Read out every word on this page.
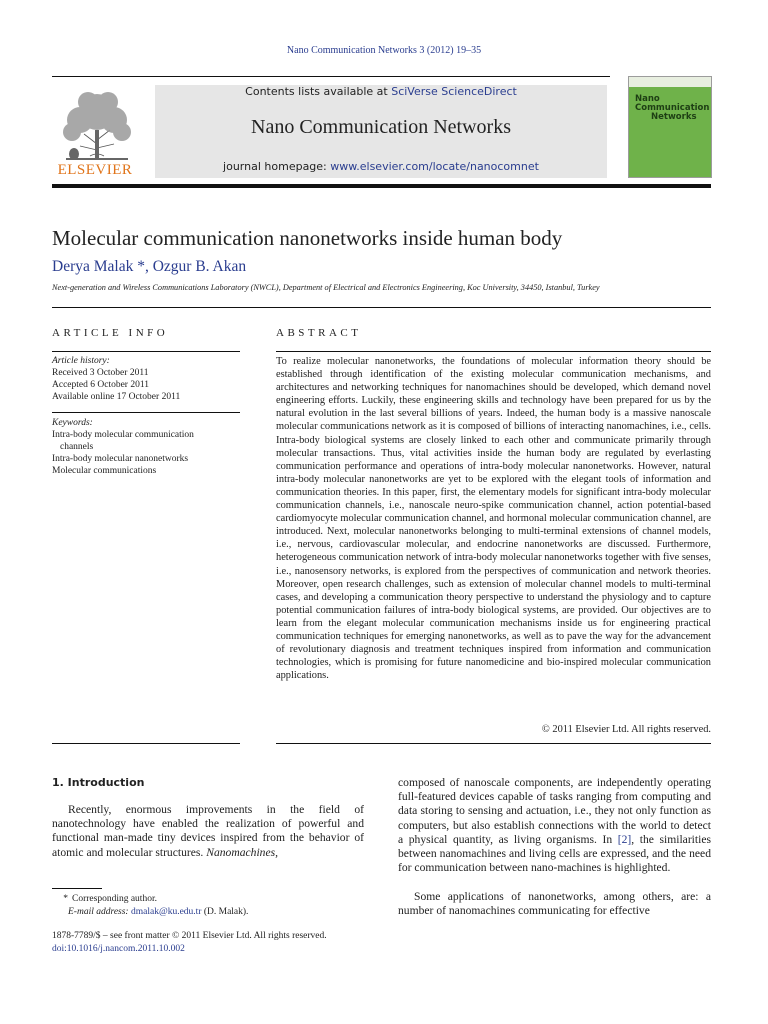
Nano Communication Networks 3 (2012) 19–35
ELSEVIER
Contents lists available at SciVerse ScienceDirect
Nano Communication Networks
journal homepage: www.elsevier.com/locate/nanocomnet
Nano
Communication
Networks
Molecular communication nanonetworks inside human body
Derya Malak *, Ozgur B. Akan
Next-generation and Wireless Communications Laboratory (NWCL), Department of Electrical and Electronics Engineering, Koc University, 34450, Istanbul, Turkey
ARTICLE INFO
Article history:
Received 3 October 2011
Accepted 6 October 2011
Available online 17 October 2011
Keywords:
Intra-body molecular communication
channels
Intra-body molecular nanonetworks
Molecular communications
ABSTRACT
To realize molecular nanonetworks, the foundations of molecular information theory should be established through identification of the existing molecular communication mechanisms, and architectures and networking techniques for nanomachines should be developed, which demand novel engineering efforts. Luckily, these engineering skills and technology have been prepared for us by the natural evolution in the last several billions of years. Indeed, the human body is a massive nanoscale molecular communications network as it is composed of billions of interacting nanomachines, i.e., cells. Intra-body biological systems are closely linked to each other and communicate primarily through molecular transactions. Thus, vital activities inside the human body are regulated by everlasting communication performance and operations of intra-body molecular nanonetworks. However, natural intra-body molecular nanonetworks are yet to be explored with the elegant tools of information and communication theories. In this paper, first, the elementary models for significant intra-body molecular communication channels, i.e., nanoscale neuro-spike communication channel, action potential-based cardiomyocyte molecular communication channel, and hormonal molecular communication channel, are introduced. Next, molecular nanonetworks belonging to multi-terminal extensions of channel models, i.e., nervous, cardiovascular molecular, and endocrine nanonetworks are discussed. Furthermore, heterogeneous communication network of intra-body molecular nanonetworks together with five senses, i.e., nanosensory networks, is explored from the perspectives of communication and network theories. Moreover, open research challenges, such as extension of molecular channel models to multi-terminal cases, and developing a communication theory perspective to understand the physiology and to capture potential communication failures of intra-body biological systems, are provided. Our objectives are to learn from the elegant molecular communication mechanisms inside us for engineering practical communication techniques for emerging nanonetworks, as well as to pave the way for the advancement of revolutionary diagnosis and treatment techniques inspired from information and communication technologies, which is promising for future nanomedicine and bio-inspired molecular communication applications.
© 2011 Elsevier Ltd. All rights reserved.
1. Introduction
Recently, enormous improvements in the field of nanotechnology have enabled the realization of powerful and functional man-made tiny devices inspired from the behavior of atomic and molecular structures. Nanomachines,
composed of nanoscale components, are independently operating full-featured devices capable of tasks ranging from computing and data storing to sensing and actuation, i.e., they not only function as computers, but also establish connections with the world to detect a physical quantity, as living organisms. In [2], the similarities between nanomachines and living cells are expressed, and the need for communication between nano-machines is highlighted.
Some applications of nanonetworks, among others, are: a number of nanomachines communicating for effective
* Corresponding author.
E-mail address: dmalak@ku.edu.tr (D. Malak).
1878-7789/$ – see front matter © 2011 Elsevier Ltd. All rights reserved.
doi:10.1016/j.nancom.2011.10.002
